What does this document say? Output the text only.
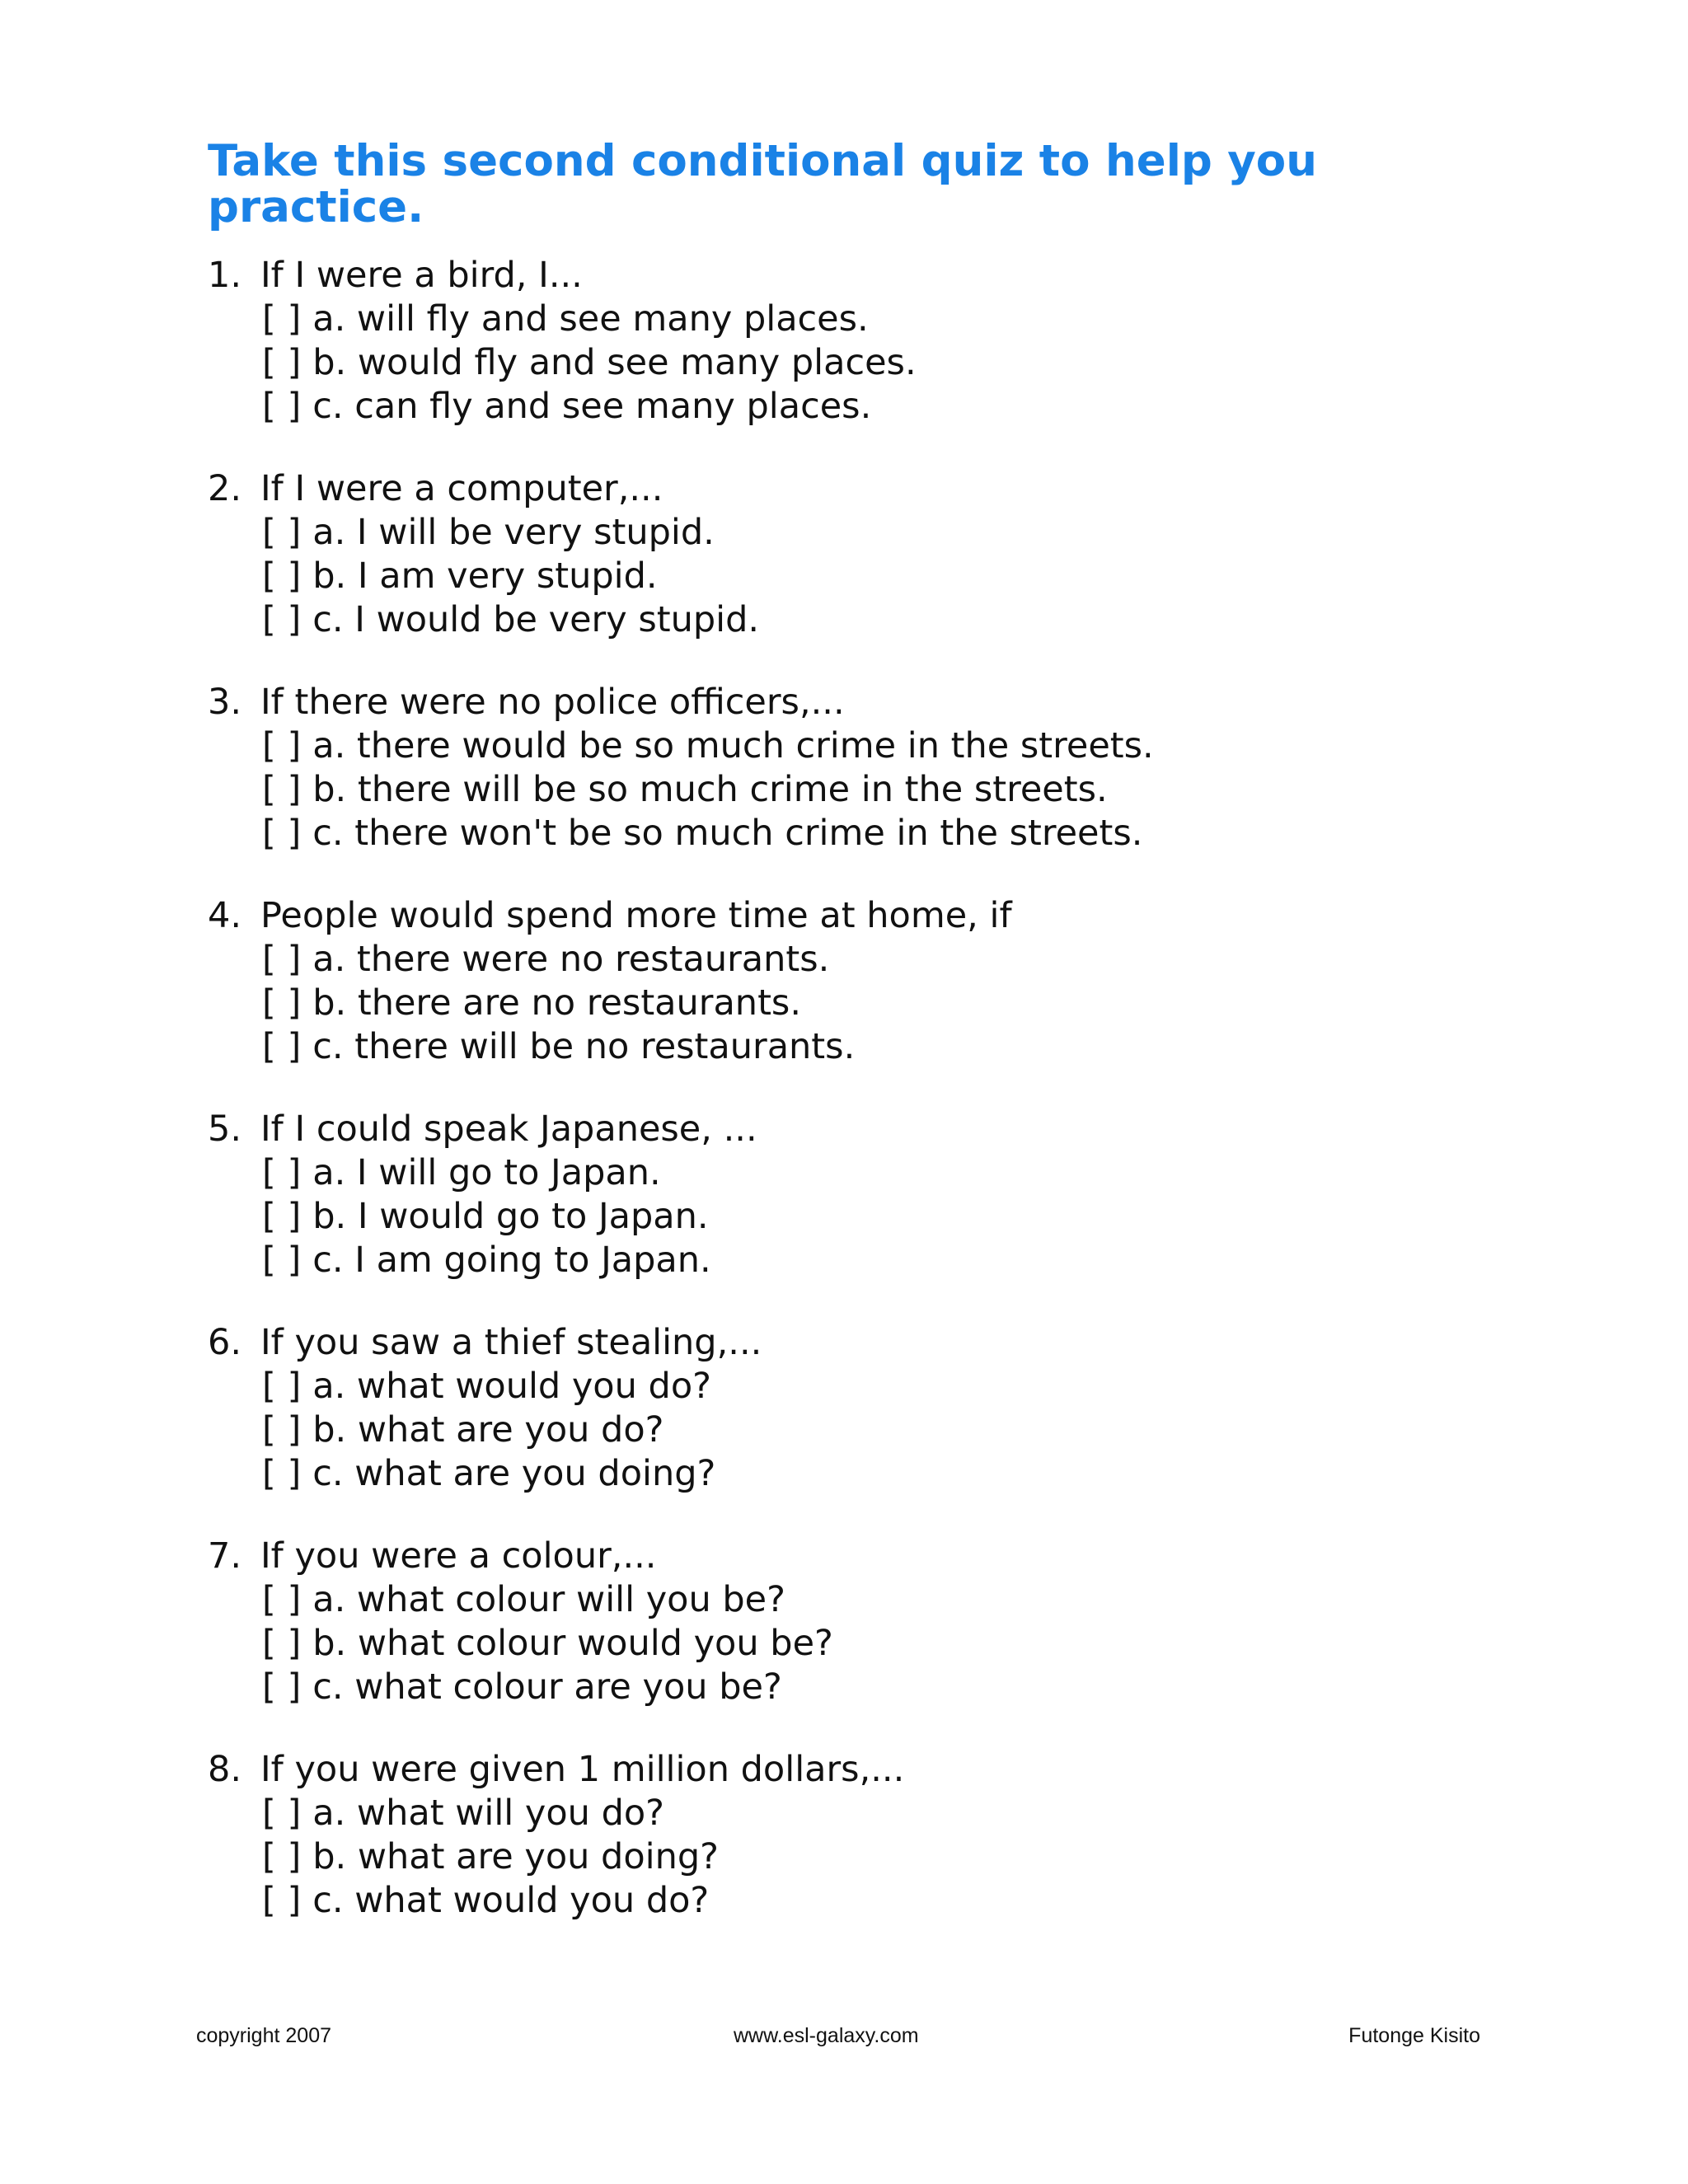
Take this second conditional quiz to help you practice.
1. If I were a bird, I...
[ ] a. will fly and see many places.
[ ] b. would fly and see many places.
[ ] c. can fly and see many places.
2. If I were a computer,...
[ ] a. I will be very stupid.
[ ] b. I am very stupid.
[ ] c. I would be very stupid.
3. If there were no police officers,...
[ ] a. there would be so much crime in the streets.
[ ] b. there will be so much crime in the streets.
[ ] c. there won't be so much crime in the streets.
4. People would spend more time at home, if
[ ] a. there were no restaurants.
[ ] b. there are no restaurants.
[ ] c. there will be no restaurants.
5. If I could speak Japanese, ...
[ ] a. I will go to Japan.
[ ] b. I would go to Japan.
[ ] c. I am going to Japan.
6. If you saw a thief stealing,...
[ ] a. what would you do?
[ ] b. what are you do?
[ ] c. what are you doing?
7. If you were a colour,...
[ ] a. what colour will you be?
[ ] b. what colour would you be?
[ ] c. what colour are you be?
8. If you were given 1 million dollars,...
[ ] a. what will you do?
[ ] b. what are you doing?
[ ] c. what would you do?
copyright 2007	www.esl-galaxy.com	Futonge Kisito
